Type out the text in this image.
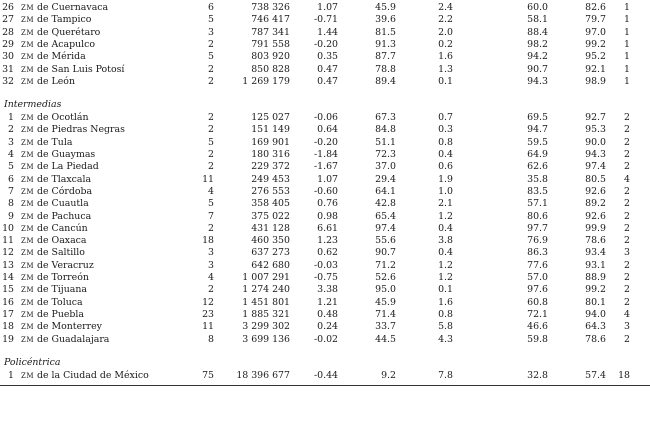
26 ZM de Cuernavaca	6	738 326	1.07	45.9	2.4	60.0	82.6	1
27 ZM de Tampico	5	746 417	-0.71	39.6	2.2	58.1	79.7	1
28 ZM de Querétaro	3	787 341	1.44	81.5	2.0	88.4	97.0	1
29 ZM de Acapulco	2	791 558	-0.20	91.3	0.2	98.2	99.2	1
30 ZM de Mérida	5	803 920	0.35	87.7	1.6	94.2	95.2	1
31 ZM de San Luis Potosí	2	850 828	0.47	78.8	1.3	90.7	92.1	1
32 ZM de León	2	1 269 179	0.47	89.4	0.1	94.3	98.9	1
Intermedias
1 ZM de Ocotlán	2	125 027	-0.06	67.3	0.7	69.5	92.7	2
2 ZM de Piedras Negras	2	151 149	0.64	84.8	0.3	94.7	95.3	2
3 ZM de Tula	5	169 901	-0.20	51.1	0.8	59.5	90.0	2
4 ZM de Guaymas	2	180 316	-1.84	72.3	0.4	64.9	94.3	2
5 ZM de La Piedad	2	229 372	-1.67	37.0	0.6	62.6	97.4	2
6 ZM de Tlaxcala	11	249 453	1.07	29.4	1.9	35.8	80.5	4
7 ZM de Córdoba	4	276 553	-0.60	64.1	1.0	83.5	92.6	2
8 ZM de Cuautla	5	358 405	0.76	42.8	2.1	57.1	89.2	2
9 ZM de Pachuca	7	375 022	0.98	65.4	1.2	80.6	92.6	2
10 ZM de Cancún	2	431 128	6.61	97.4	0.4	97.7	99.9	2
11 ZM de Oaxaca	18	460 350	1.23	55.6	3.8	76.9	78.6	2
12 ZM de Saltillo	3	637 273	0.62	90.7	0.4	86.3	93.4	3
13 ZM de Veracruz	3	642 680	-0.03	71.2	1.2	77.6	93.1	2
14 ZM de Torreón	4	1 007 291	-0.75	52.6	1.2	57.0	88.9	2
15 ZM de Tijuana	2	1 274 240	3.38	95.0	0.1	97.6	99.2	2
16 ZM de Toluca	12	1 451 801	1.21	45.9	1.6	60.8	80.1	2
17 ZM de Puebla	23	1 885 321	0.48	71.4	0.8	72.1	94.0	4
18 ZM de Monterrey	11	3 299 302	0.24	33.7	5.8	46.6	64.3	3
19 ZM de Guadalajara	8	3 699 136	-0.02	44.5	4.3	59.8	78.6	2
Policéntrica
1 ZM de la Ciudad de México	75	18 396 677	-0.44	9.2	7.8	32.8	57.4	18
